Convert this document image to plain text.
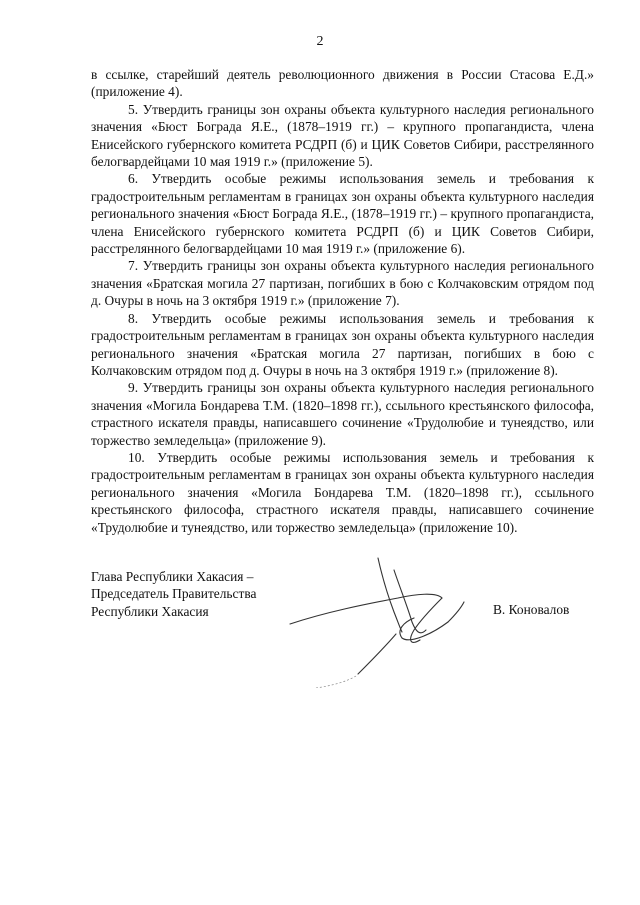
2

в ссылке, старейший деятель революционного движения в России Стасова Е.Д.» (приложение 4).

5. Утвердить границы зон охраны объекта культурного наследия регионального значения «Бюст Бограда Я.Е., (1878–1919 гг.) – крупного пропагандиста, члена Енисейского губернского комитета РСДРП (б) и ЦИК Советов Сибири, расстрелянного белогвардейцами 10 мая 1919 г.» (приложение 5).

6. Утвердить особые режимы использования земель и требования к градостроительным регламентам в границах зон охраны объекта культурного наследия регионального значения «Бюст Бограда Я.Е., (1878–1919 гг.) – крупного пропагандиста, члена Енисейского губернского комитета РСДРП (б) и ЦИК Советов Сибири, расстрелянного белогвардейцами 10 мая 1919 г.» (приложение 6).

7. Утвердить границы зон охраны объекта культурного наследия регионального значения «Братская могила 27 партизан, погибших в бою с Колчаковским отрядом под д. Очуры в ночь на 3 октября 1919 г.» (приложение 7).

8. Утвердить особые режимы использования земель и требования к градостроительным регламентам в границах зон охраны объекта культурного наследия регионального значения «Братская могила 27 партизан, погибших в бою с Колчаковским отрядом под д. Очуры в ночь на 3 октября 1919 г.» (приложение 8).

9. Утвердить границы зон охраны объекта культурного наследия регионального значения «Могила Бондарева Т.М. (1820–1898 гг.), ссыльного крестьянского философа, страстного искателя правды, написавшего сочинение «Трудолюбие и тунеядство, или торжество земледельца» (приложение 9).

10. Утвердить особые режимы использования земель и требования к градостроительным регламентам в границах зон охраны объекта культурного наследия регионального значения «Могила Бондарева Т.М. (1820–1898 гг.), ссыльного крестьянского философа, страстного искателя правды, написавшего сочинение «Трудолюбие и тунеядство, или торжество земледельца» (приложение 10).

Глава Республики Хакасия –
Председатель Правительства
Республики Хакасия	В. Коновалов
